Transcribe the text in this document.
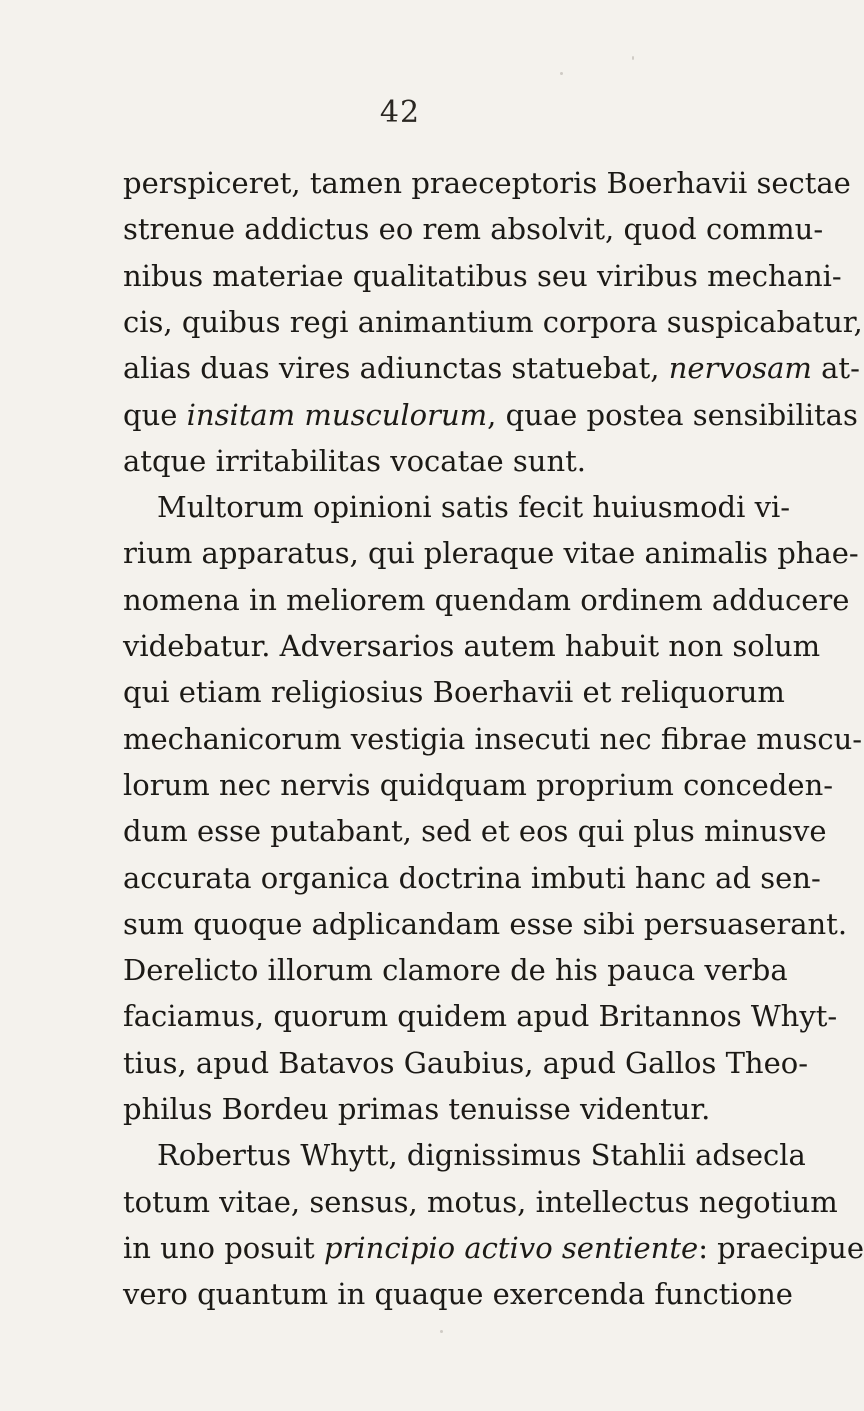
42
perspiceret, tamen praeceptoris Boerhavii sectae
strenue addictus eo rem absolvit, quod commu-
nibus materiae qualitatibus seu viribus mechani-
cis, quibus regi animantium corpora suspicabatur,
alias duas vires adiunctas statuebat, nervosam at-
que insitam musculorum, quae postea sensibilitas
atque irritabilitas vocatae sunt.
Multorum opinioni satis fecit huiusmodi vi-
rium apparatus, qui pleraque vitae animalis phae-
nomena in meliorem quendam ordinem adducere
videbatur. Adversarios autem habuit non solum
qui etiam religiosius Boerhavii et reliquorum
mechanicorum vestigia insecuti nec fibrae muscu-
lorum nec nervis quidquam proprium conceden-
dum esse putabant, sed et eos qui plus minusve
accurata organica doctrina imbuti hanc ad sen-
sum quoque adplicandam esse sibi persuaserant.
Derelicto illorum clamore de his pauca verba
faciamus, quorum quidem apud Britannos Whyt-
tius, apud Batavos Gaubius, apud Gallos Theo-
philus Bordeu primas tenuisse videntur.
Robertus Whytt, dignissimus Stahlii adsecla
totum vitae, sensus, motus, intellectus negotium
in uno posuit principio activo sentiente: praecipue
vero quantum in quaque exercenda functione
